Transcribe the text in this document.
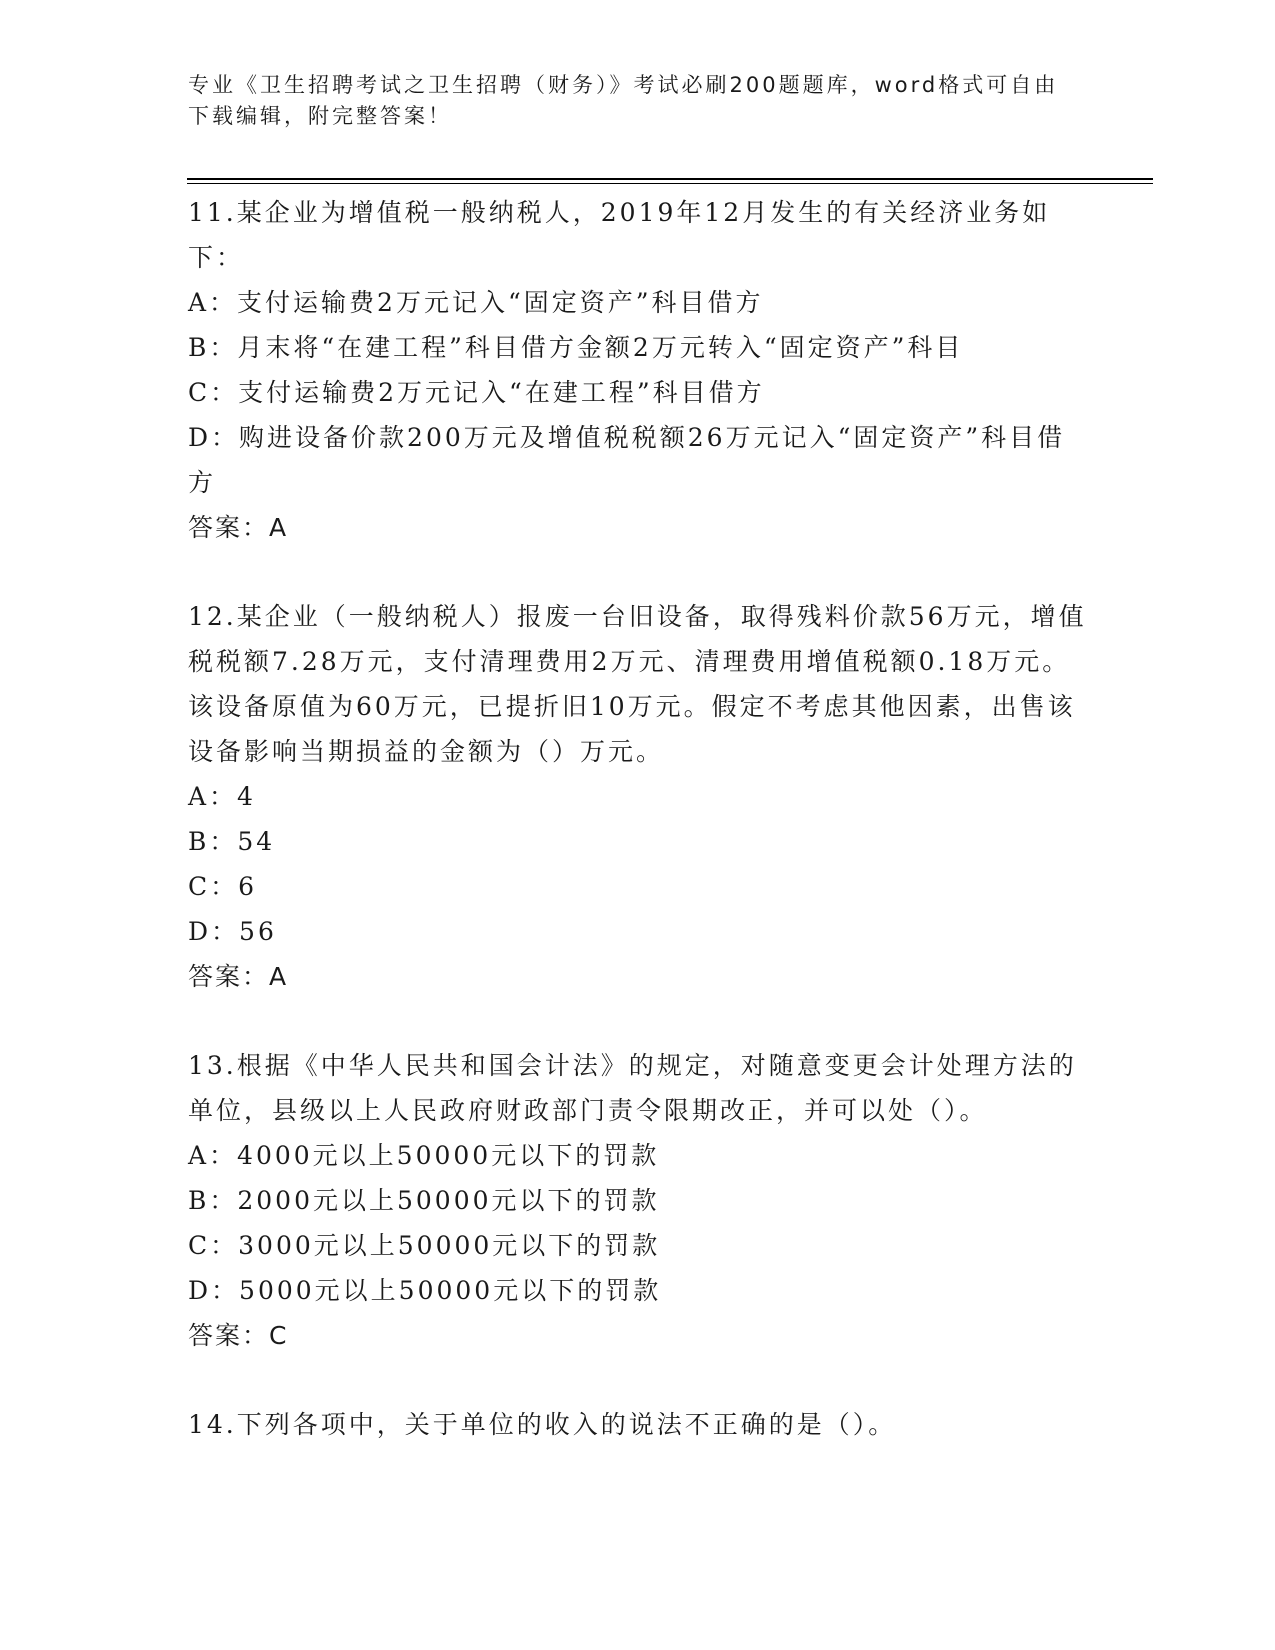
专业《卫生招聘考试之卫生招聘（财务）》考试必刷200题题库，word格式可自由下载编辑，附完整答案！

11.某企业为增值税一般纳税人，2019年12月发生的有关经济业务如下：

A：支付运输费2万元记入“固定资产”科目借方

B：月末将“在建工程”科目借方金额2万元转入“固定资产”科目

C：支付运输费2万元记入“在建工程”科目借方

D：购进设备价款200万元及增值税税额26万元记入“固定资产”科目借方

答案：A

12.某企业（一般纳税人）报废一台旧设备，取得残料价款56万元，增值税税额7.28万元，支付清理费用2万元、清理费用增值税额0.18万元。该设备原值为60万元，已提折旧10万元。假定不考虑其他因素，出售该设备影响当期损益的金额为（）万元。

A：4

B：54

C：6

D：56

答案：A

13.根据《中华人民共和国会计法》的规定，对随意变更会计处理方法的单位，县级以上人民政府财政部门责令限期改正，并可以处（）。

A：4000元以上50000元以下的罚款

B：2000元以上50000元以下的罚款

C：3000元以上50000元以下的罚款

D：5000元以上50000元以下的罚款

答案：C

14.下列各项中，关于单位的收入的说法不正确的是（）。
